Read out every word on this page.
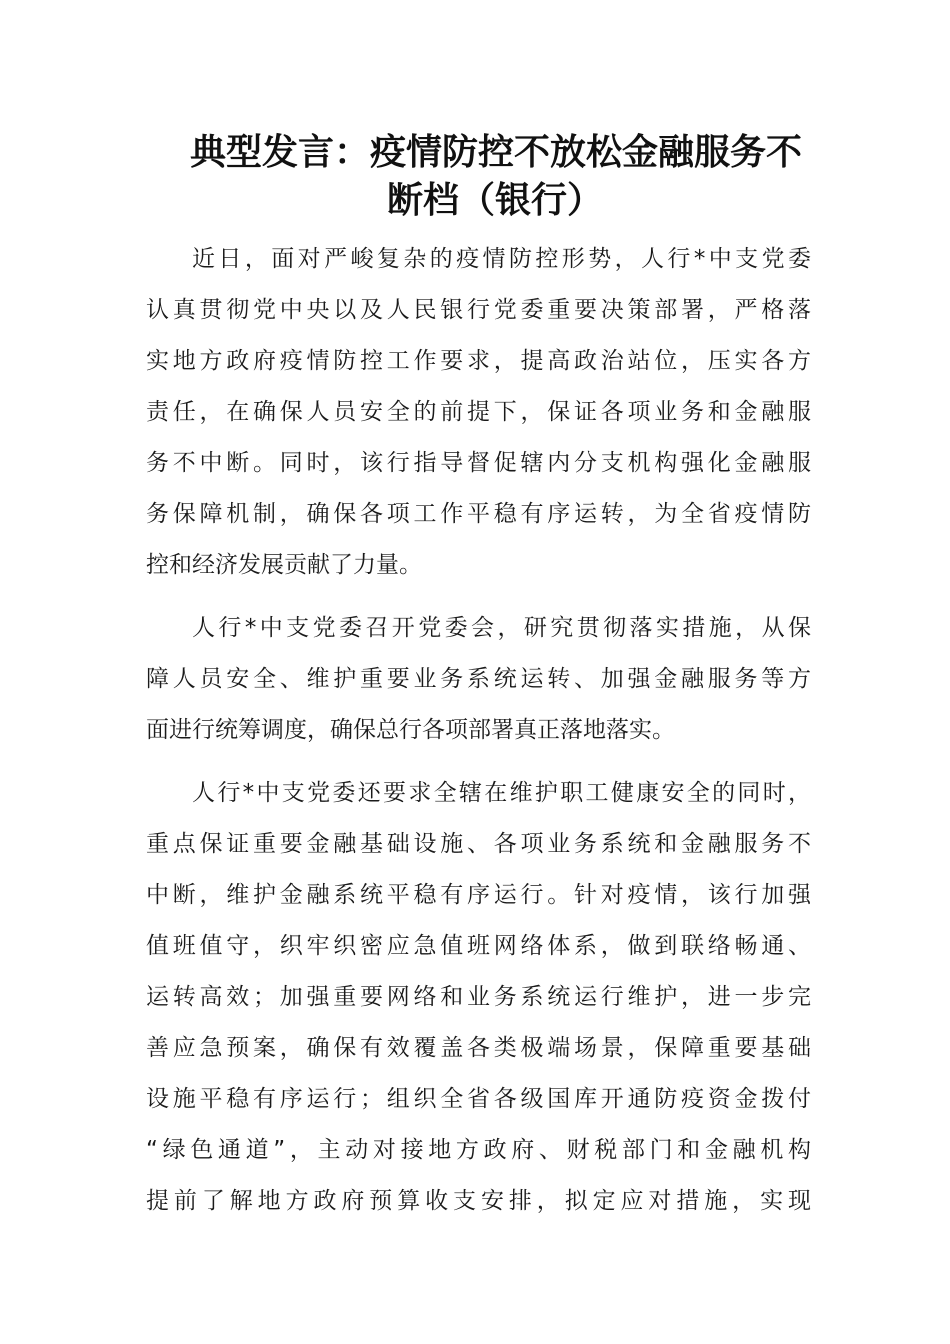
典型发言：疫情防控不放松金融服务不
断档（银行）
近日，面对严峻复杂的疫情防控形势，人行*中支党委
认真贯彻党中央以及人民银行党委重要决策部署，严格落
实地方政府疫情防控工作要求，提高政治站位，压实各方
责任，在确保人员安全的前提下，保证各项业务和金融服
务不中断。同时，该行指导督促辖内分支机构强化金融服
务保障机制，确保各项工作平稳有序运转，为全省疫情防
控和经济发展贡献了力量。
人行*中支党委召开党委会，研究贯彻落实措施，从保
障人员安全、维护重要业务系统运转、加强金融服务等方
面进行统筹调度，确保总行各项部署真正落地落实。
人行*中支党委还要求全辖在维护职工健康安全的同时，
重点保证重要金融基础设施、各项业务系统和金融服务不
中断，维护金融系统平稳有序运行。针对疫情，该行加强
值班值守，织牢织密应急值班网络体系，做到联络畅通、
运转高效；加强重要网络和业务系统运行维护，进一步完
善应急预案，确保有效覆盖各类极端场景，保障重要基础
设施平稳有序运行；组织全省各级国库开通防疫资金拨付
“绿色通道”，主动对接地方政府、财税部门和金融机构
提前了解地方政府预算收支安排，拟定应对措施，实现
